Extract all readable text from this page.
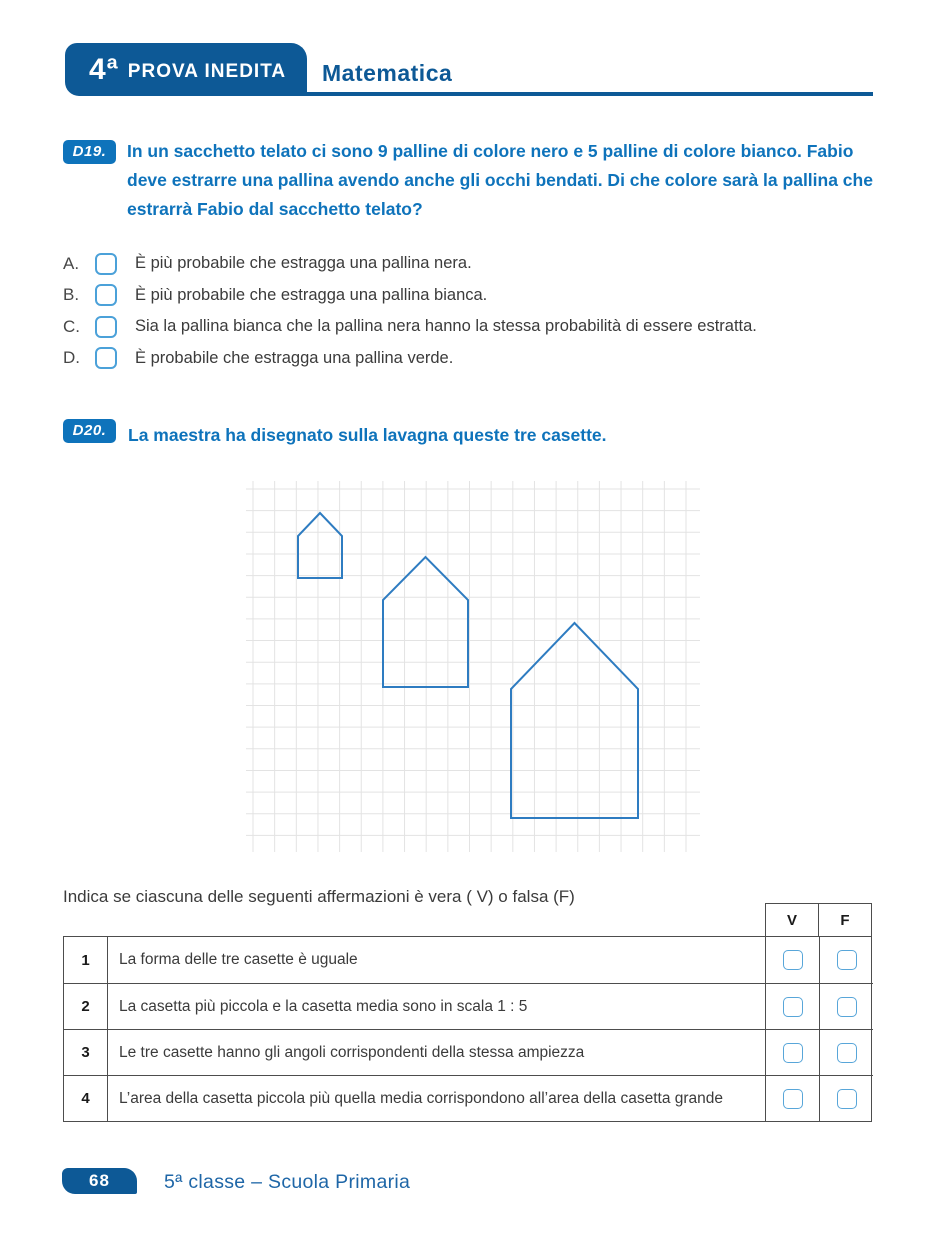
4ª PROVA INEDITA Matematica
D19.	In un sacchetto telato ci sono 9 palline di colore nero e 5 palline di colore bianco. Fabio deve estrarre una pallina avendo anche gli occhi bendati. Di che colore sarà la pallina che estrarrà Fabio dal sacchetto telato?

A.	È più probabile che estragga una pallina nera.
B.	È più probabile che estragga una pallina bianca.
C.	Sia la pallina bianca che la pallina nera hanno la stessa probabilità di essere estratta.
D.	È probabile che estragga una pallina verde.
D20.	La maestra ha disegnato sulla lavagna queste tre casette.

Indica se ciascuna delle seguenti affermazioni è vera ( V) o falsa (F)

V	F
1	La forma delle tre casette è uguale
2	La casetta più piccola e la casetta media sono in scala 1 : 5
3	Le tre casette hanno gli angoli corrispondenti della stessa ampiezza
4	L’area della casetta piccola più quella media corrispondono all’area della casetta grande
68	5ª classe – Scuola Primaria
